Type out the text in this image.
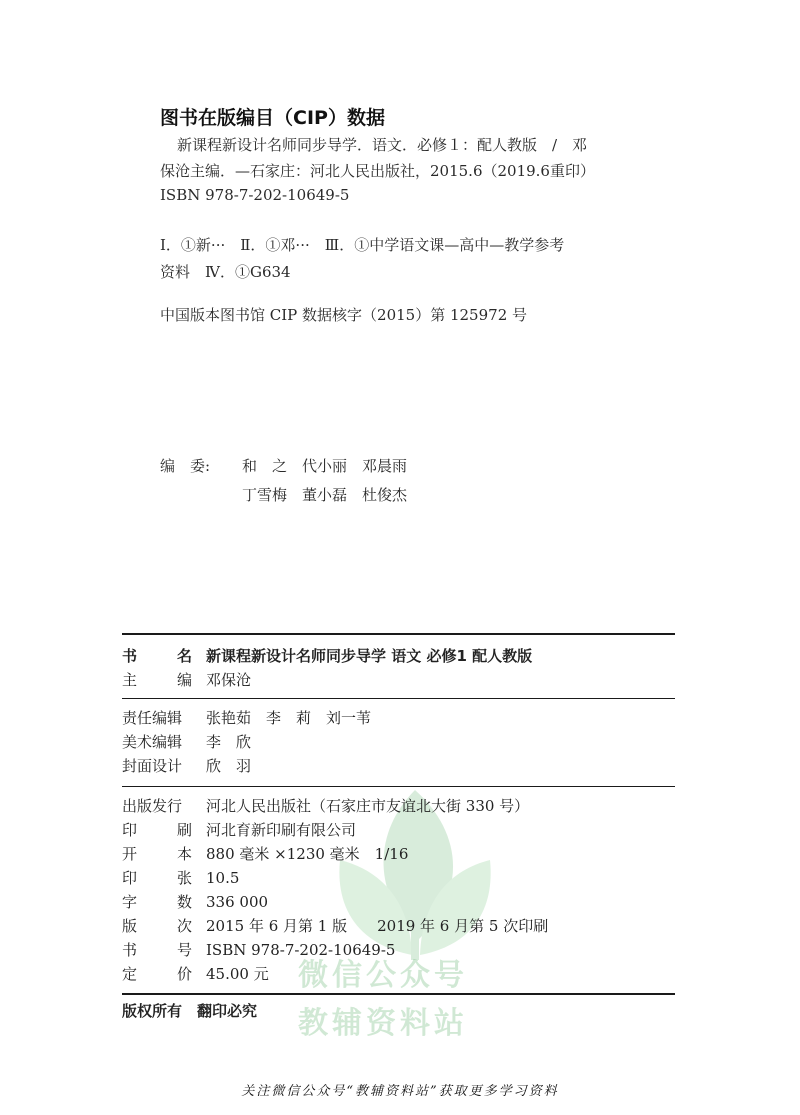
图书在版编目（CIP）数据
新课程新设计名师同步导学．语文．必修１：配人教版　/　邓
保沧主编．—石家庄：河北人民出版社，2015.6（2019.6重印）
ISBN 978-7-202-10649-5
Ⅰ．①新···　Ⅱ．①邓···　Ⅲ．①中学语文课—高中—教学参考
资料　Ⅳ．①G634
中国版本图书馆 CIP 数据核字（2015）第 125972 号
编　委: 和　之　代小丽　邓晨雨
丁雪梅　董小磊　杜俊杰
微信公众号
教辅资料站
书	名 新课程新设计名师同步导学 语文 必修1 配人教版
主	编 邓保沧
责任编辑 张艳茹　李　莉　刘一苇
美术编辑 李　欣
封面设计 欣　羽
出版发行 河北人民出版社（石家庄市友谊北大街 330 号）
印	刷 河北育新印刷有限公司
开	本 880 毫米 ×1230 毫米　1/16
印	张 10.5
字	数 336 000
版	次 2015 年 6 月第 1 版　　2019 年 6 月第 5 次印刷
书	号 ISBN 978-7-202-10649-5
定	价 45.00 元
版权所有　翻印必究
关注微信公众号“教辅资料站”获取更多学习资料
